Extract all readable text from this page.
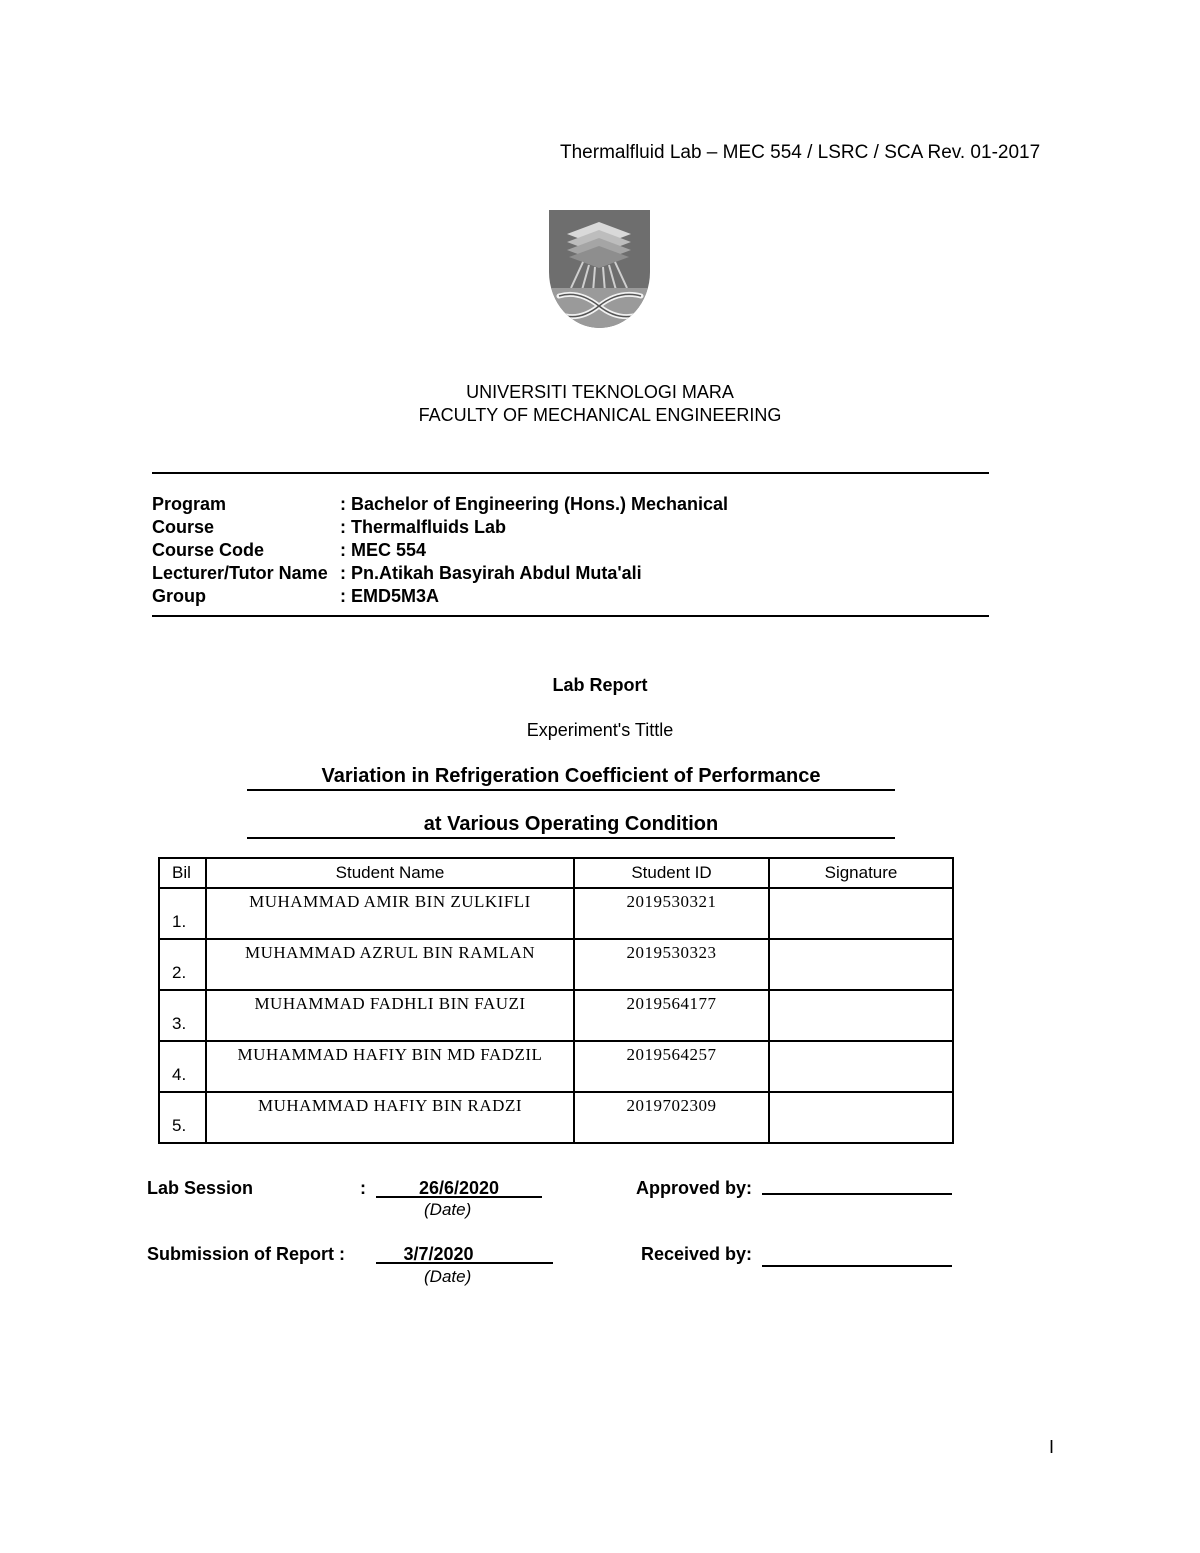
Thermalfluid Lab – MEC 554 / LSRC / SCA Rev. 01-2017
UNIVERSITI TEKNOLOGI MARA
FACULTY OF MECHANICAL ENGINEERING
Program	: Bachelor of Engineering (Hons.) Mechanical
Course	: Thermalfluids Lab
Course Code	: MEC 554
Lecturer/Tutor Name : Pn.Atikah Basyirah Abdul Muta'ali
Group	: EMD5M3A
Lab Report
Experiment's Tittle
Variation in Refrigeration Coefficient of Performance
at Various Operating Condition
Bil	Student Name	Student ID	Signature
1.	MUHAMMAD AMIR BIN ZULKIFLI	2019530321	
2.	MUHAMMAD AZRUL BIN RAMLAN	2019530323	
3.	MUHAMMAD FADHLI BIN FAUZI	2019564177	
4.	MUHAMMAD HAFIY BIN MD FADZIL	2019564257	
5.	MUHAMMAD HAFIY BIN RADZI	2019702309	
Lab Session	:	26/6/2020
(Date)
Approved by:
Submission of Report :	3/7/2020
(Date)
Received by:
I
